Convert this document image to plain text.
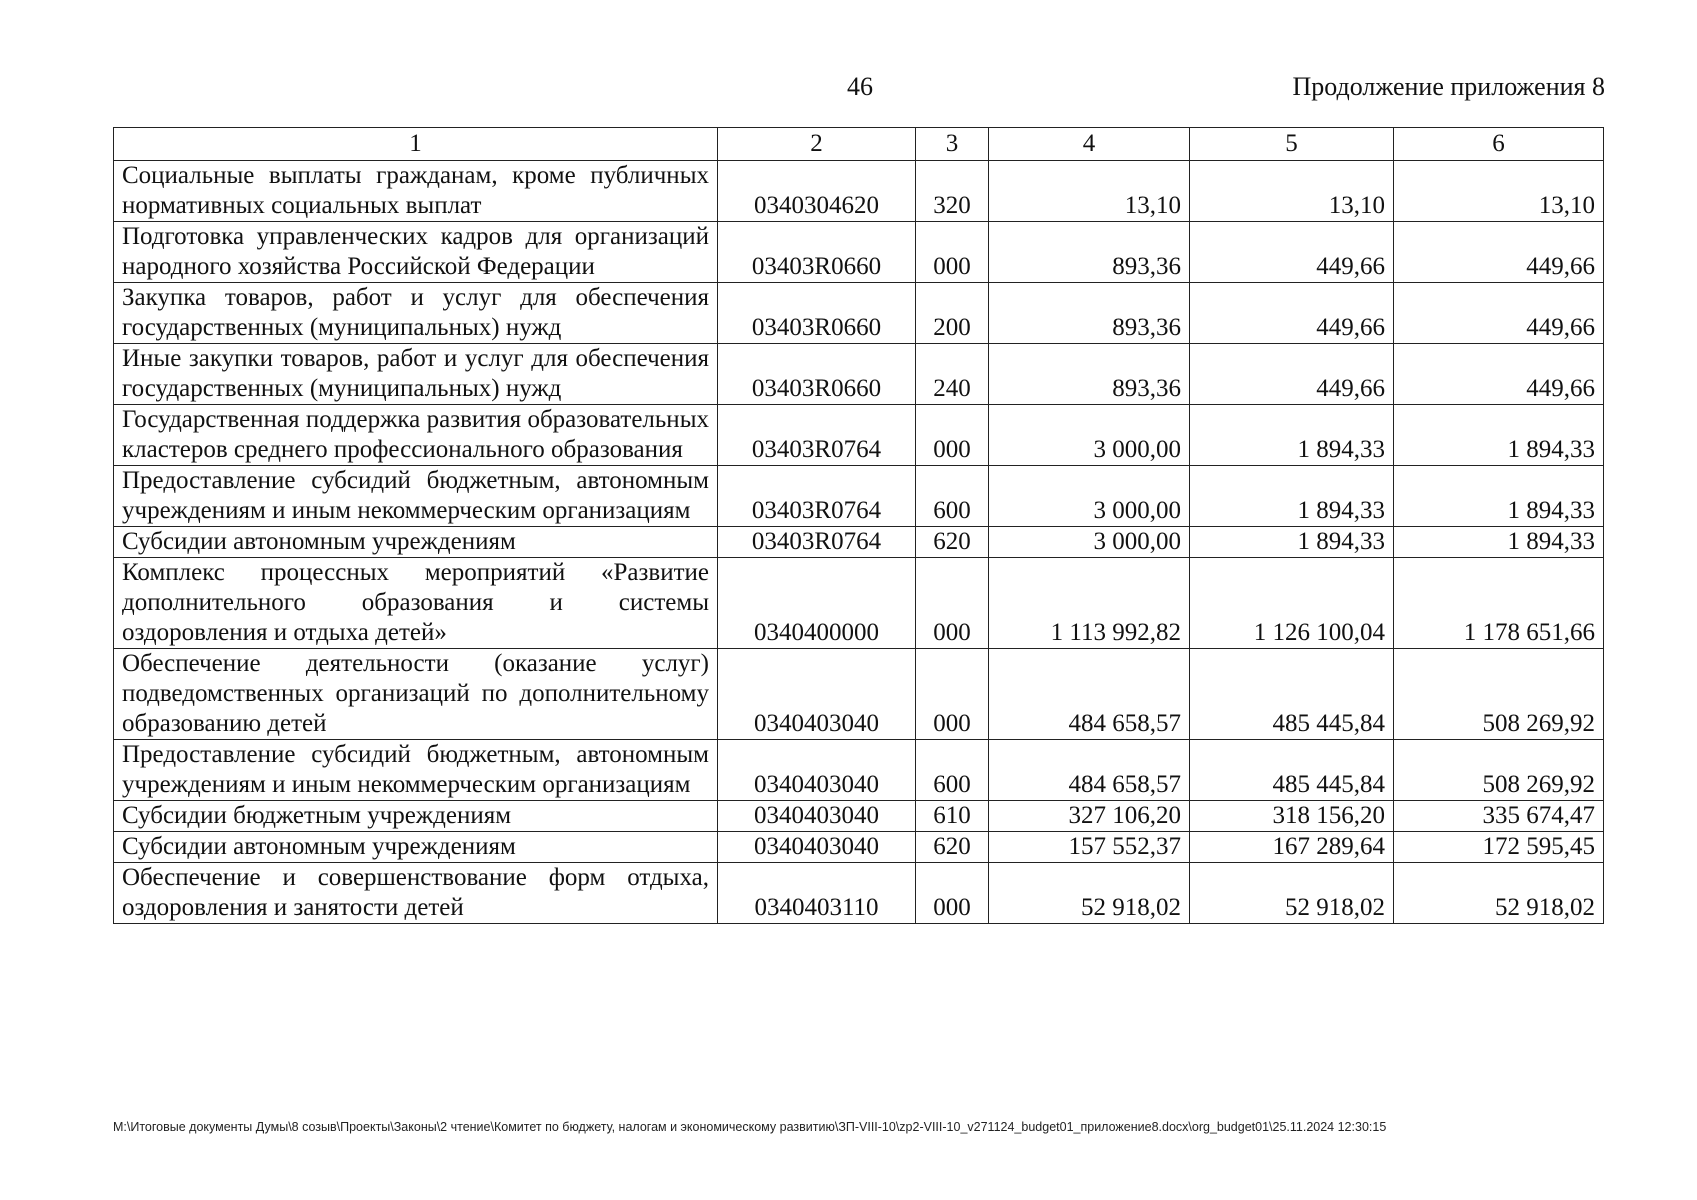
46	Продолжение приложения 8
1	2	3	4	5	6
Социальные выплаты гражданам, кроме публичных нормативных социальных выплат	0340304620	320	13,10	13,10	13,10
Подготовка управленческих кадров для организаций народного хозяйства Российской Федерации	03403R0660	000	893,36	449,66	449,66
Закупка товаров, работ и услуг для обеспечения государственных (муниципальных) нужд	03403R0660	200	893,36	449,66	449,66
Иные закупки товаров, работ и услуг для обеспечения государственных (муниципальных) нужд	03403R0660	240	893,36	449,66	449,66
Государственная поддержка развития образовательных кластеров среднего профессионального образования	03403R0764	000	3 000,00	1 894,33	1 894,33
Предоставление субсидий бюджетным, автономным учреждениям и иным некоммерческим организациям	03403R0764	600	3 000,00	1 894,33	1 894,33
Субсидии автономным учреждениям	03403R0764	620	3 000,00	1 894,33	1 894,33
Комплекс процессных мероприятий «Развитие дополнительного образования и системы оздоровления и отдыха детей»	0340400000	000	1 113 992,82	1 126 100,04	1 178 651,66
Обеспечение деятельности (оказание услуг) подведомственных организаций по дополнительному образованию детей	0340403040	000	484 658,57	485 445,84	508 269,92
Предоставление субсидий бюджетным, автономным учреждениям и иным некоммерческим организациям	0340403040	600	484 658,57	485 445,84	508 269,92
Субсидии бюджетным учреждениям	0340403040	610	327 106,20	318 156,20	335 674,47
Субсидии автономным учреждениям	0340403040	620	157 552,37	167 289,64	172 595,45
Обеспечение и совершенствование форм отдыха, оздоровления и занятости детей	0340403110	000	52 918,02	52 918,02	52 918,02
M:\Итоговые документы Думы\8 созыв\Проекты\Законы\2 чтение\Комитет по бюджету, налогам и экономическому развитию\ЗП-VIII-10\zp2-VIII-10_v271124_budget01_приложение8.docx\org_budget01\25.11.2024 12:30:15
